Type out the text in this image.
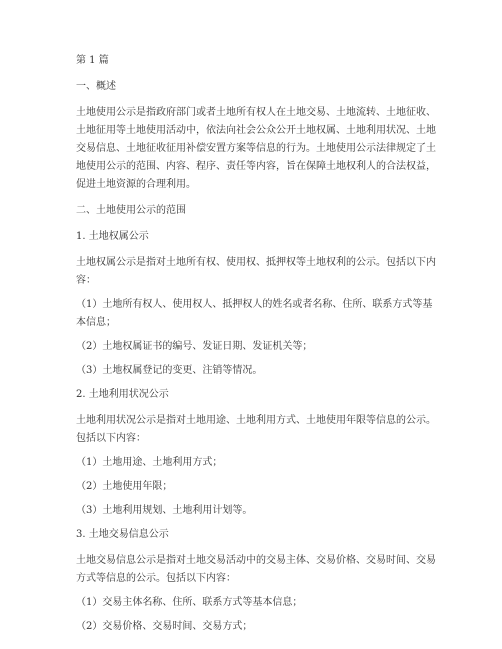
第 1 篇

一、概述

土地使用公示是指政府部门或者土地所有权人在土地交易、土地流转、土地征收、

土地征用等土地使用活动中，依法向社会公众公开土地权属、土地利用状况、土地

交易信息、土地征收征用补偿安置方案等信息的行为。土地使用公示法律规定了土

地使用公示的范围、内容、程序、责任等内容，旨在保障土地权利人的合法权益，

促进土地资源的合理利用。

二、土地使用公示的范围

1. 土地权属公示

土地权属公示是指对土地所有权、使用权、抵押权等土地权利的公示。包括以下内

容：

（1）土地所有权人、使用权人、抵押权人的姓名或者名称、住所、联系方式等基

本信息；

（2）土地权属证书的编号、发证日期、发证机关等；

（3）土地权属登记的变更、注销等情况。

2. 土地利用状况公示

土地利用状况公示是指对土地用途、土地利用方式、土地使用年限等信息的公示。

包括以下内容：

（1）土地用途、土地利用方式；

（2）土地使用年限；

（3）土地利用规划、土地利用计划等。

3. 土地交易信息公示

土地交易信息公示是指对土地交易活动中的交易主体、交易价格、交易时间、交易

方式等信息的公示。包括以下内容：

（1）交易主体名称、住所、联系方式等基本信息；

（2）交易价格、交易时间、交易方式；
